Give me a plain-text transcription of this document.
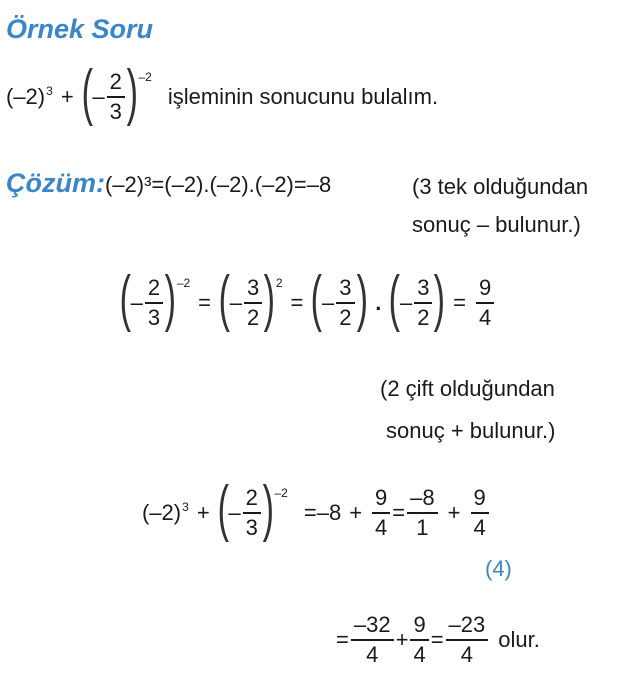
Örnek Soru
$(-2)^3$ + ( – $\frac{2}{3} )^{-2}$
işleminin sonucunu bulalım.
Çözüm:(–2)³=(–2).(–2).(–2)=–8	(3 tek olduğundan
sonuç – bulunur.)
( – $\frac{2}{3} )^{-2}$
= ( – $\frac{3}{2} )^2$
= ( – $\frac{3}{2}$ ) . ( – $\frac{3}{2}$ ) = $\frac{9}{4}$
(2 çift olduğundan
sonuç + bulunur.)
$(-2)^3$ + ( – $\frac{2}{3} )^{-2}$
= $-8 + \frac{9}{4} = \frac{-8}{1} + \frac{9}{4}$
(4)
= $\frac{-32}{4} + \frac{9}{4} = \frac{-23}{4}$ olur.
